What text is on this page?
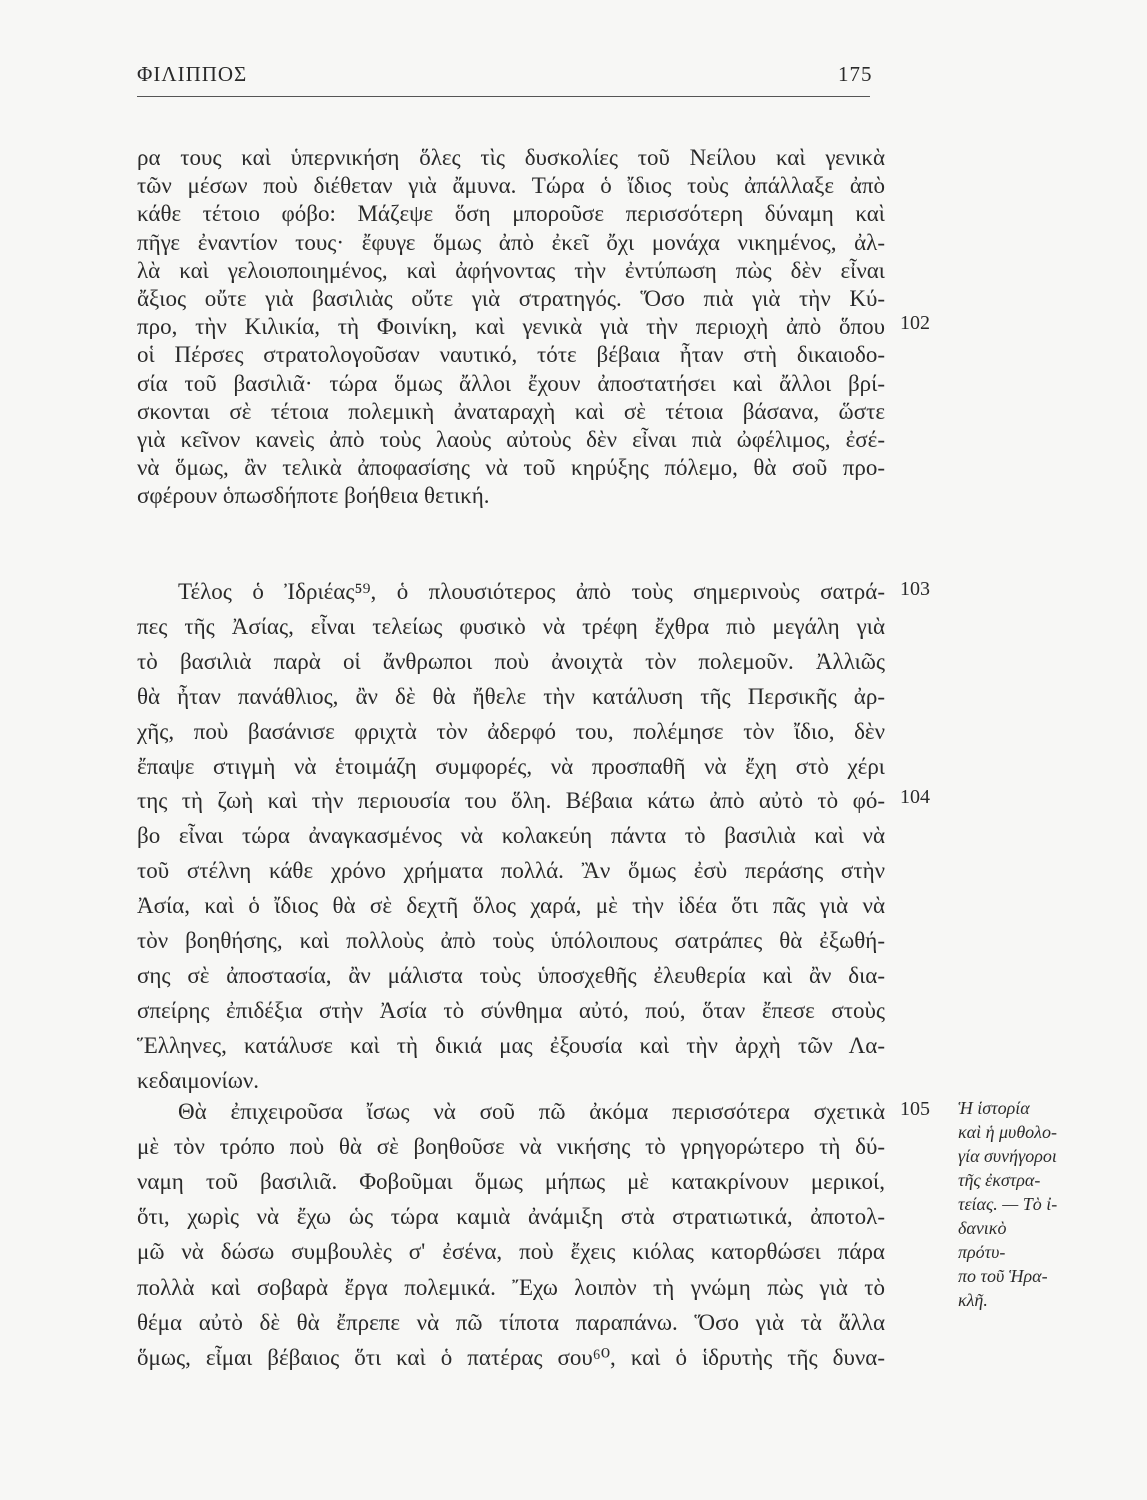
ΦΙΛΙΠΠΟΣ	175
ρα τους καὶ ὑπερνικήση ὅλες τὶς δυσκολίες τοῦ Νείλου καὶ γενικὰ
τῶν μέσων ποὺ διέθεταν γιὰ ἄμυνα. Τώρα ὁ ἴδιος τοὺς ἀπάλλαξε ἀπὸ
κάθε τέτοιο φόβο: Μάζεψε ὅση μποροῦσε περισσότερη δύναμη καὶ
πῆγε ἐναντίον τους· ἔφυγε ὅμως ἀπὸ ἐκεῖ ὄχι μονάχα νικημένος, ἀλ-
λὰ καὶ γελοιοποιημένος, καὶ ἀφήνοντας τὴν ἐντύπωση πὼς δὲν εἶναι
ἄξιος οὔτε γιὰ βασιλιὰς οὔτε γιὰ στρατηγός. Ὅσο πιὰ γιὰ τὴν Κύ-
προ, τὴν Κιλικία, τὴ Φοινίκη, καὶ γενικὰ γιὰ τὴν περιοχὴ ἀπὸ ὅπου
οἱ Πέρσες στρατολογοῦσαν ναυτικό, τότε βέβαια ἦταν στὴ δικαιοδο-
σία τοῦ βασιλιᾶ· τώρα ὅμως ἄλλοι ἔχουν ἀποστατήσει καὶ ἄλλοι βρί-
σκονται σὲ τέτοια πολεμικὴ ἀναταραχὴ καὶ σὲ τέτοια βάσανα, ὥστε
γιὰ κεῖνον κανεὶς ἀπὸ τοὺς λαοὺς αὐτοὺς δὲν εἶναι πιὰ ὠφέλιμος, ἐσέ-
νὰ ὅμως, ἂν τελικὰ ἀποφασίσης νὰ τοῦ κηρύξης πόλεμο, θὰ σοῦ προ-
σφέρουν ὁπωσδήποτε βοήθεια θετική.
Τέλος ὁ Ἰδριέας⁵⁹, ὁ πλουσιότερος ἀπὸ τοὺς σημερινοὺς σατρά-
πες τῆς Ἀσίας, εἶναι τελείως φυσικὸ νὰ τρέφη ἔχθρα πιὸ μεγάλη γιὰ
τὸ βασιλιὰ παρὰ οἱ ἄνθρωποι ποὺ ἀνοιχτὰ τὸν πολεμοῦν. Ἀλλιῶς
θὰ ἦταν πανάθλιος, ἂν δὲ θὰ ἤθελε τὴν κατάλυση τῆς Περσικῆς ἀρ-
χῆς, ποὺ βασάνισε φριχτὰ τὸν ἀδερφό του, πολέμησε τὸν ἴδιο, δὲν
ἔπαψε στιγμὴ νὰ ἑτοιμάζη συμφορές, νὰ προσπαθῆ νὰ ἔχη στὸ χέρι
της τὴ ζωὴ καὶ τὴν περιουσία του ὅλη. Βέβαια κάτω ἀπὸ αὐτὸ τὸ φό-
βο εἶναι τώρα ἀναγκασμένος νὰ κολακεύη πάντα τὸ βασιλιὰ καὶ νὰ
τοῦ στέλνη κάθε χρόνο χρήματα πολλά. Ἂν ὅμως ἐσὺ περάσης στὴν
Ἀσία, καὶ ὁ ἴδιος θὰ σὲ δεχτῆ ὅλος χαρά, μὲ τὴν ἰδέα ὅτι πᾶς γιὰ νὰ
τὸν βοηθήσης, καὶ πολλοὺς ἀπὸ τοὺς ὑπόλοιπους σατράπες θὰ ἐξωθή-
σης σὲ ἀποστασία, ἂν μάλιστα τοὺς ὑποσχεθῆς ἐλευθερία καὶ ἂν δια-
σπείρης ἐπιδέξια στὴν Ἀσία τὸ σύνθημα αὐτό, πού, ὅταν ἔπεσε στοὺς
Ἕλληνες, κατάλυσε καὶ τὴ δικιά μας ἐξουσία καὶ τὴν ἀρχὴ τῶν Λα-
κεδαιμονίων.
Θὰ ἐπιχειροῦσα ἴσως νὰ σοῦ πῶ ἀκόμα περισσότερα σχετικὰ
μὲ τὸν τρόπο ποὺ θὰ σὲ βοηθοῦσε νὰ νικήσης τὸ γρηγορώτερο τὴ δύ-
ναμη τοῦ βασιλιᾶ. Φοβοῦμαι ὅμως μήπως μὲ κατακρίνουν μερικοί,
ὅτι, χωρὶς νὰ ἔχω ὡς τώρα καμιὰ ἀνάμιξη στὰ στρατιωτικά, ἀποτολ-
μῶ νὰ δώσω συμβουλὲς σ' ἐσένα, ποὺ ἔχεις κιόλας κατορθώσει πάρα
πολλὰ καὶ σοβαρὰ ἔργα πολεμικά. Ἔχω λοιπὸν τὴ γνώμη πὼς γιὰ τὸ
θέμα αὐτὸ δὲ θὰ ἔπρεπε νὰ πῶ τίποτα παραπάνω. Ὅσο γιὰ τὰ ἄλλα
ὅμως, εἶμαι βέβαιος ὅτι καὶ ὁ πατέρας σου⁶⁰, καὶ ὁ ἱδρυτὴς τῆς δυνα-
102
103
104
105 Ἡ ἱστορία
καὶ ἡ μυθολο-
γία συνήγοροι
τῆς ἐκστρα-
τείας. — Τὸ ἰ-
δανικὸ πρότυ-
πο τοῦ Ἡρα-
κλῆ.
